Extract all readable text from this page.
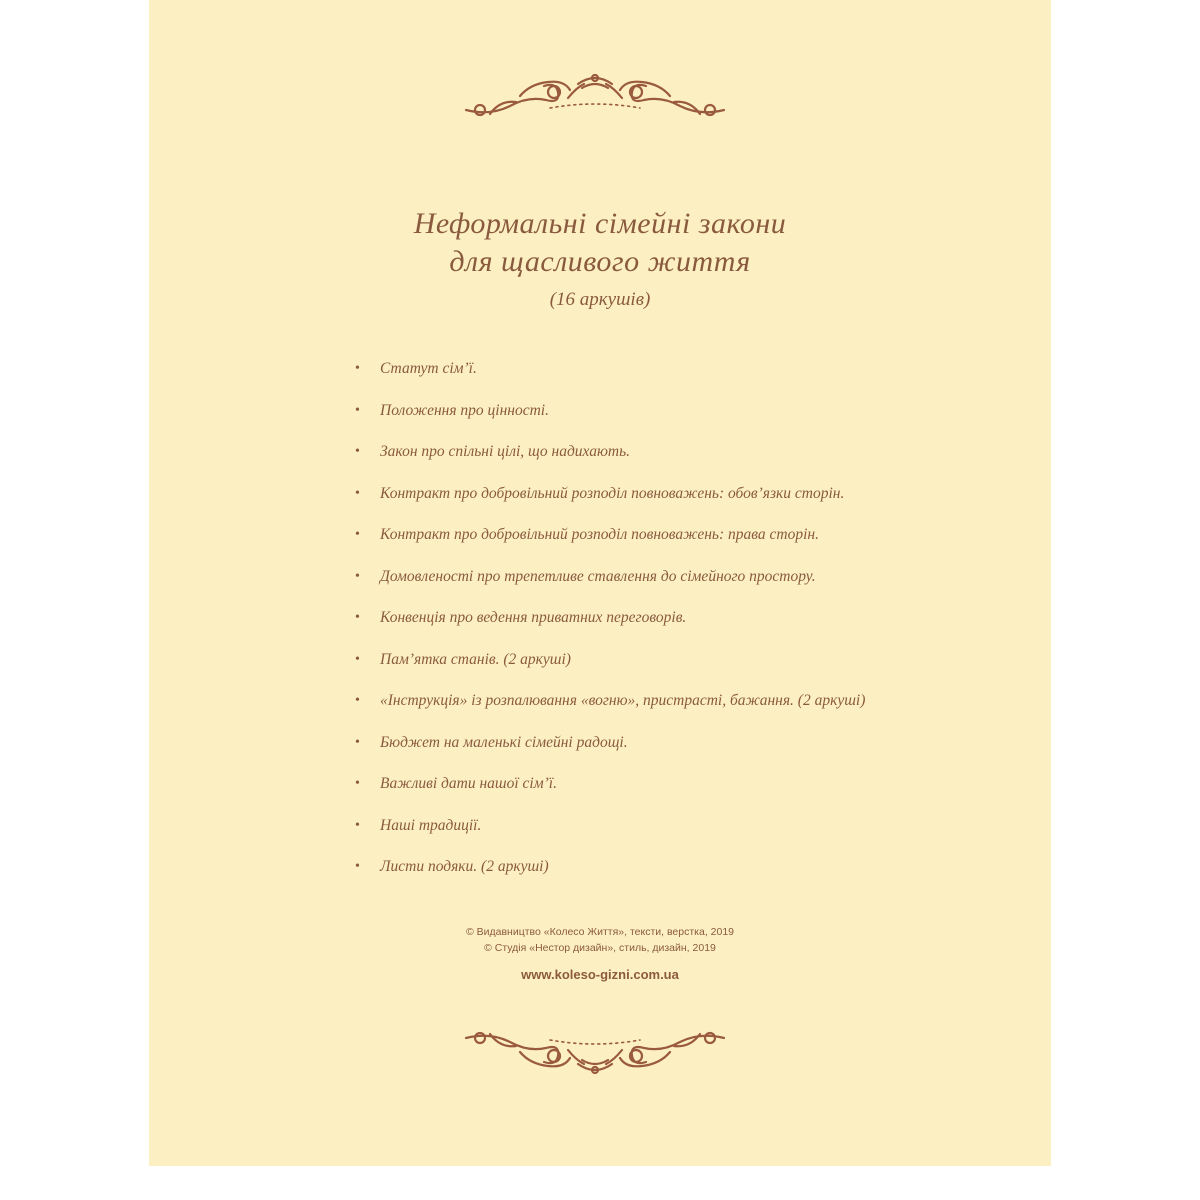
Неформальні сімейні закони
для щасливого життя
(16 аркушів)
• Статут сім’ї.
• Положення про цінності.
• Закон про спільні цілі, що надихають.
• Контракт про добровільний розподіл повноважень: обов’язки сторін.
• Контракт про добровільний розподіл повноважень: права сторін.
• Домовленості про трепетливе ставлення до сімейного простору.
• Конвенція про ведення приватних переговорів.
• Пам’ятка станів. (2 аркуші)
• «Інструкція» із розпалювання «вогню», пристрасті, бажання. (2 аркуші)
• Бюджет на маленькі сімейні радощі.
• Важливі дати нашої сім’ї.
• Наші традиції.
• Листи подяки. (2 аркуші)
© Видавництво «Колесо Життя», тексти, верстка, 2019
© Студія «Нестор дизайн», стиль, дизайн, 2019
www.koleso-gizni.com.ua
